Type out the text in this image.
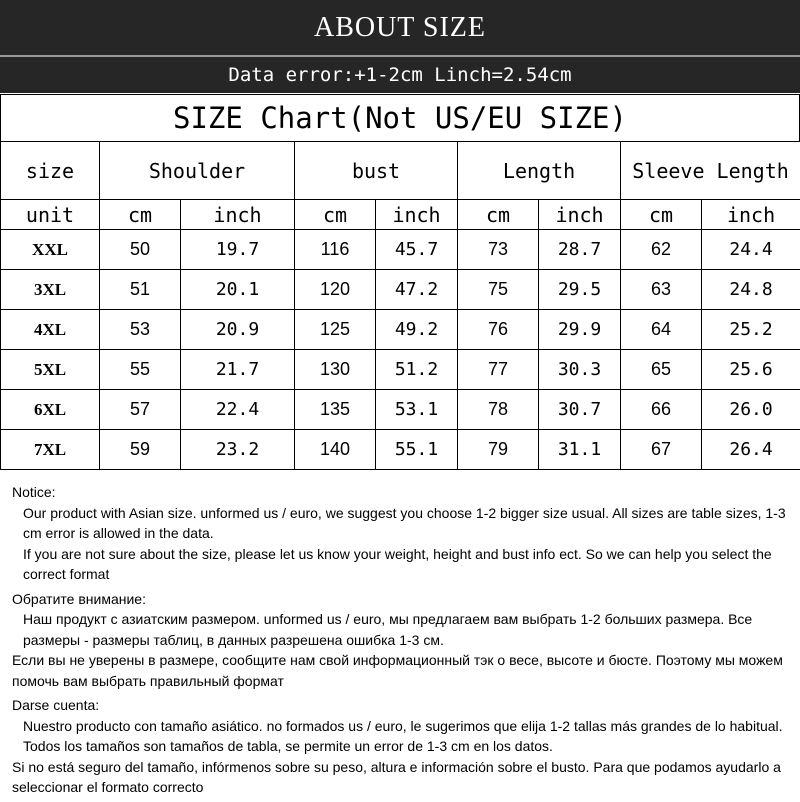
ABOUT SIZE
Data error:+1-2cm Linch=2.54cm
SIZE Chart(Not US/EU SIZE)
size	Shoulder		bust		Length		Sleeve Length	
unit	cm	inch	cm	inch	cm	inch	cm	inch
XXL	50	19.7	116	45.7	73	28.7	62	24.4
3XL	51	20.1	120	47.2	75	29.5	63	24.8
4XL	53	20.9	125	49.2	76	29.9	64	25.2
5XL	55	21.7	130	51.2	77	30.3	65	25.6
6XL	57	22.4	135	53.1	78	30.7	66	26.0
7XL	59	23.2	140	55.1	79	31.1	67	26.4

Notice:

Our product with Asian size. unformed us / euro, we suggest you choose 1-2 bigger size usual. All sizes are table sizes, 1-3 cm error is allowed in the data.

If you are not sure about the size, please let us know your weight, height and bust info ect. So we can help you select the correct format

Обратите внимание:

Наш продукт с азиатским размером. unformed us / euro, мы предлагаем вам выбрать 1-2 больших размера. Все размеры - размеры таблиц, в данных разрешена ошибка 1-3 см.

Если вы не уверены в размере, сообщите нам свой информационный тэк о весе, высоте и бюсте. Поэтому мы можем помочь вам выбрать правильный формат

Darse cuenta:

Nuestro producto con tamaño asiático. no formados us / euro, le sugerimos que elija 1-2 tallas más grandes de lo habitual. Todos los tamaños son tamaños de tabla, se permite un error de 1-3 cm en los datos.

Si no está seguro del tamaño, infórmenos sobre su peso, altura e información sobre el busto. Para que podamos ayudarlo a seleccionar el formato correcto
